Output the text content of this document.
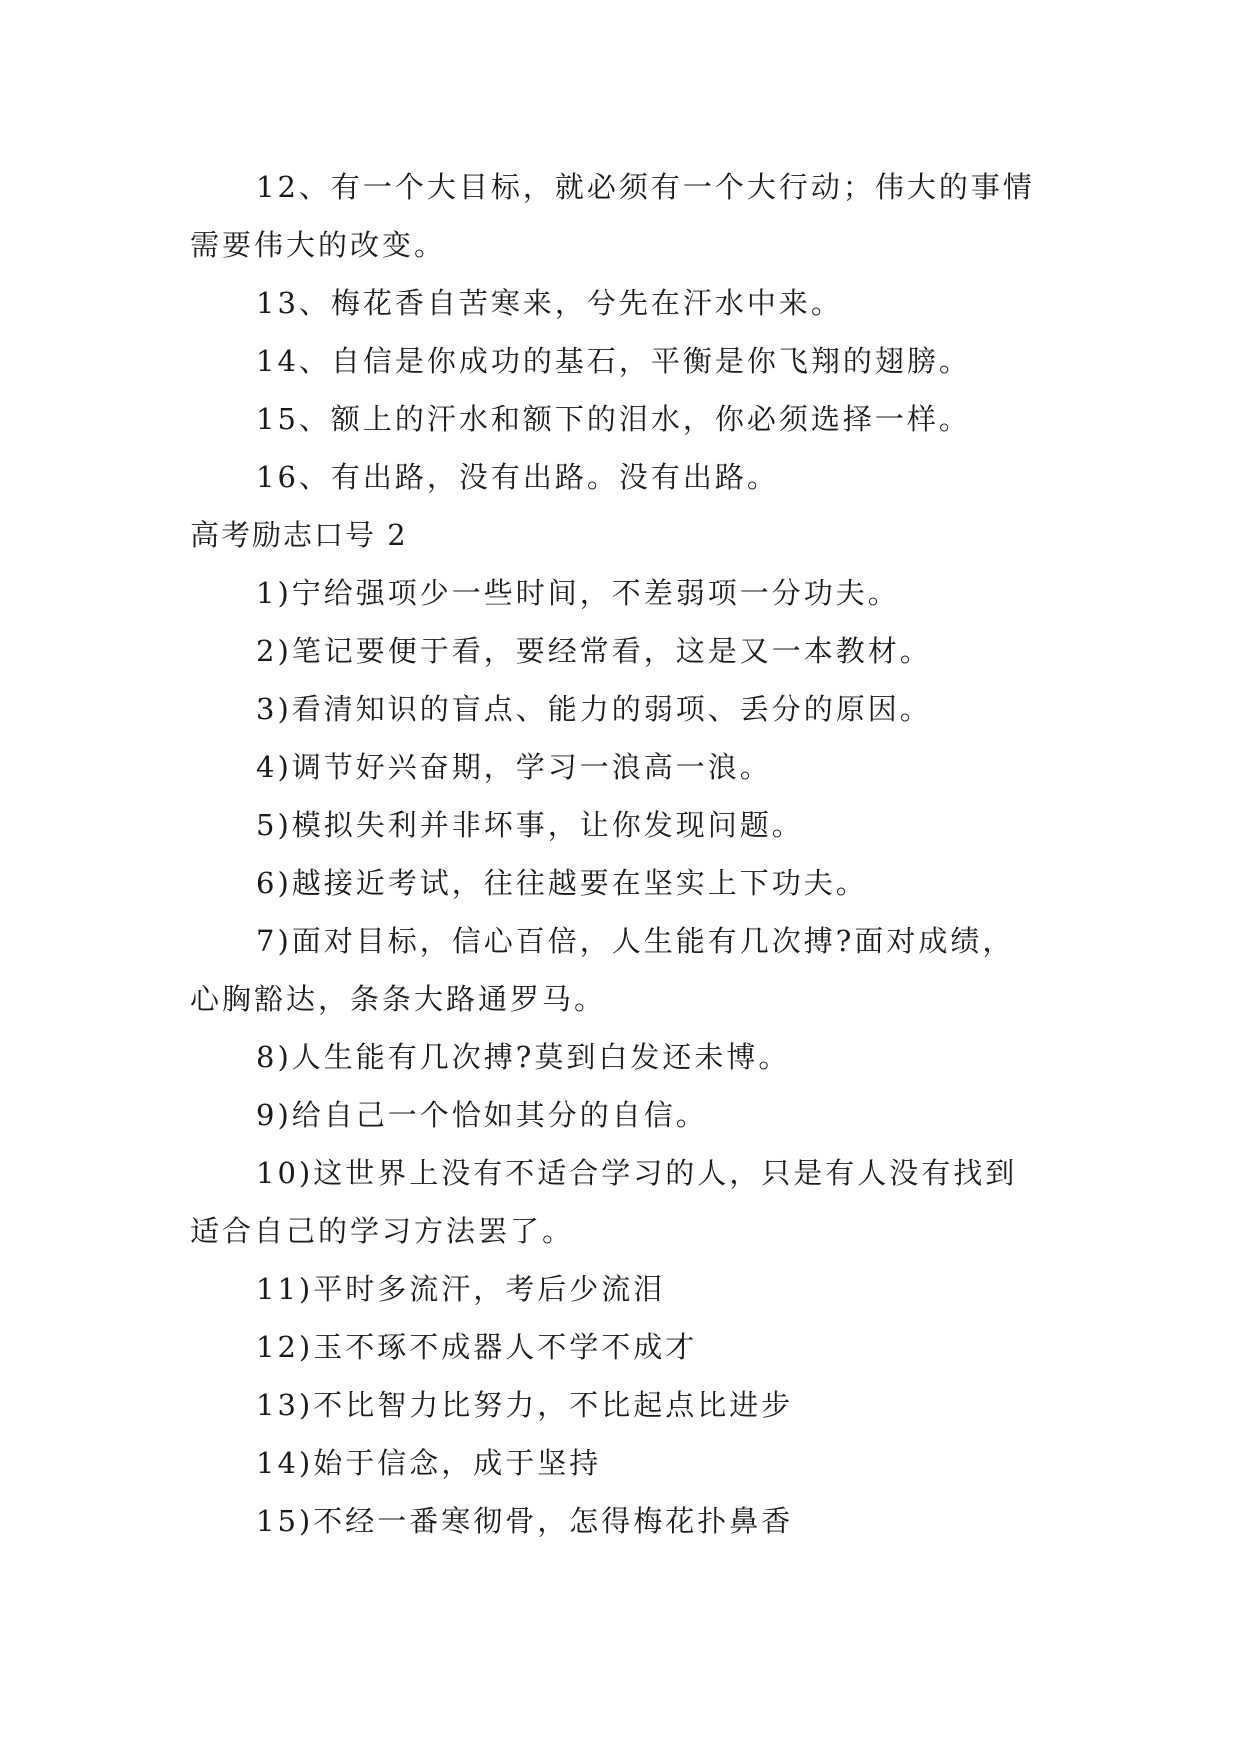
12、有一个大目标，就必须有一个大行动；伟大的事情
需要伟大的改变。
13、梅花香自苦寒来，兮先在汗水中来。
14、自信是你成功的基石，平衡是你飞翔的翅膀。
15、额上的汗水和额下的泪水，你必须选择一样。
16、有出路，没有出路。没有出路。
高考励志口号 2
1)宁给强项少一些时间，不差弱项一分功夫。
2)笔记要便于看，要经常看，这是又一本教材。
3)看清知识的盲点、能力的弱项、丢分的原因。
4)调节好兴奋期，学习一浪高一浪。
5)模拟失利并非坏事，让你发现问题。
6)越接近考试，往往越要在坚实上下功夫。
7)面对目标，信心百倍，人生能有几次搏?面对成绩，
心胸豁达，条条大路通罗马。
8)人生能有几次搏?莫到白发还未博。
9)给自己一个恰如其分的自信。
10)这世界上没有不适合学习的人，只是有人没有找到
适合自己的学习方法罢了。
11)平时多流汗，考后少流泪
12)玉不琢不成器人不学不成才
13)不比智力比努力，不比起点比进步
14)始于信念，成于坚持
15)不经一番寒彻骨，怎得梅花扑鼻香
